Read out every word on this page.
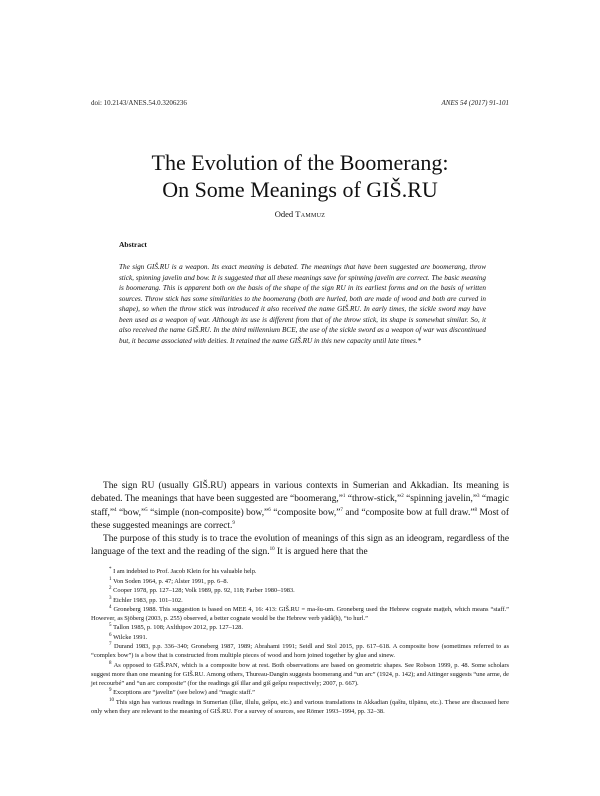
doi: 10.2143/ANES.54.0.3206236	ANES 54 (2017) 91-101
The Evolution of the Boomerang:
On Some Meanings of GIŠ.RU
Oded Tammuz
Abstract

The sign GIŠ.RU is a weapon. Its exact meaning is debated. The meanings that have been suggested are boomerang, throw stick, spinning javelin and bow. It is suggested that all these meanings save for spinning javelin are correct. The basic meaning is boomerang. This is apparent both on the basis of the shape of the sign RU in its earliest forms and on the basis of written sources. Throw stick has some similarities to the boomerang (both are hurled, both are made of wood and both are curved in shape), so when the throw stick was introduced it also received the name GIŠ.RU. In early times, the sickle sword may have been used as a weapon of war. Although its use is different from that of the throw stick, its shape is somewhat similar. So, it also received the name GIŠ.RU. In the third millennium BCE, the use of the sickle sword as a weapon of war was discontinued but, it became associated with deities. It retained the name GIŠ.RU in this new capacity until late times.*

The sign RU (usually GIŠ.RU) appears in various contexts in Sumerian and Akkadian. Its meaning is debated. The meanings that have been suggested are “boomerang,”$^1$ “throw-stick,”$^2$ “spinning javelin,”$^3$ “magic staff,”$^4$ “bow,”$^5$ “simple (non-composite) bow,”$^6$ “composite bow,”$^7$ and “composite bow at full draw.”$^8$ Most of these suggested meanings are correct.$^9$

The purpose of this study is to trace the evolution of meanings of this sign as an ideogram, regardless of the language of the text and the reading of the sign.$^{10}$ It is argued here that the

* I am indebted to Prof. Jacob Klein for his valuable help.

$^1$ Von Soden 1964, p. 47; Alster 1991, pp. 6–8.

$^2$ Cooper 1978, pp. 127–128; Volk 1989, pp. 92, 118; Farber 1980–1983.

$^3$ Eichler 1983, pp. 101–102.

$^4$ Groneberg 1988. This suggestion is based on MEE 4, 16: 413: GIŠ.RU = ma-šu-um. Groneberg used the Hebrew cognate maṭṭeh, which means “staff.” However, as Sjöberg (2003, p. 255) observed, a better cognate would be the Hebrew verb yādâ(h), “to hurl.”

$^5$ Tallon 1985, p. 108; Axlthipov 2012, pp. 127–128.

$^6$ Wilcke 1991.

$^7$ Durand 1983, p.p. 336–340; Groneberg 1987, 1989; Abrahami 1991; Seidl and Stol 2015, pp. 617–618. A composite bow (sometimes referred to as “complex bow”) is a bow that is constructed from multiple pieces of wood and horn joined together by glue and sinew.

$^8$ As opposed to GIŠ.PAN, which is a composite bow at rest. Both observations are based on geometric shapes. See Robson 1999, p. 48. Some scholars suggest more than one meaning for GIŠ.RU. Among others, Thureau-Dangin suggests boomerang and “un arc” (1924, p. 142); and Attinger suggests “une arme, de jet recourbé” and “un arc composite” (for the readings giš illar and giš gešpu respectively; 2007, p. 667).

$^9$ Exceptions are “javelin” (see below) and “magic staff.”

$^{10}$ This sign has various readings in Sumerian (illar, illulu, gešpu, etc.) and various translations in Akkadian (qaštu, tilpānu, etc.). These are discussed here only when they are relevant to the meaning of GIŠ.RU. For a survey of sources, see Römer 1993–1994, pp. 32–38.
